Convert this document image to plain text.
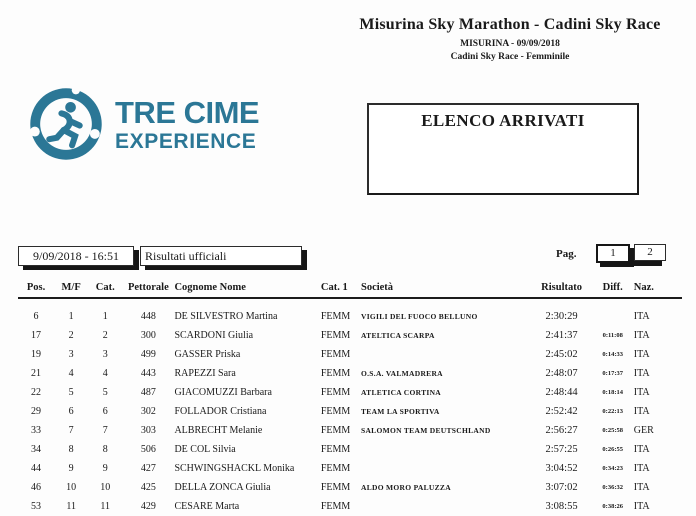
Misurina Sky Marathon - Cadini Sky Race
MISURINA - 09/09/2018
Cadini Sky Race - Femminile
TRE CIME
EXPERIENCE
ELENCO ARRIVATI
9/09/2018 - 16:51	Risultati ufficiali	Pag.	1	2
Pos.	M/F	Cat.	Pettorale	Cognome Nome	Cat. 1	Società	Risultato	Diff.	Naz.
6	1	1	448	DE SILVESTRO Martina	FEMM	VIGILI DEL FUOCO BELLUNO	2:30:29		ITA
17	2	2	300	SCARDONI Giulia	FEMM	ATELTICA SCARPA	2:41:37	0:11:08	ITA
19	3	3	499	GASSER Priska	FEMM		2:45:02	0:14:33	ITA
21	4	4	443	RAPEZZI Sara	FEMM	O.S.A. VALMADRERA	2:48:07	0:17:37	ITA
22	5	5	487	GIACOMUZZI Barbara	FEMM	ATLETICA CORTINA	2:48:44	0:18:14	ITA
29	6	6	302	FOLLADOR Cristiana	FEMM	TEAM LA SPORTIVA	2:52:42	0:22:13	ITA
33	7	7	303	ALBRECHT Melanie	FEMM	SALOMON TEAM DEUTSCHLAND	2:56:27	0:25:58	GER
34	8	8	506	DE COL Silvia	FEMM		2:57:25	0:26:55	ITA
44	9	9	427	SCHWINGSHACKL Monika	FEMM		3:04:52	0:34:23	ITA
46	10	10	425	DELLA ZONCA Giulia	FEMM	ALDO MORO PALUZZA	3:07:02	0:36:32	ITA
53	11	11	429	CESARE Marta	FEMM		3:08:55	0:38:26	ITA
